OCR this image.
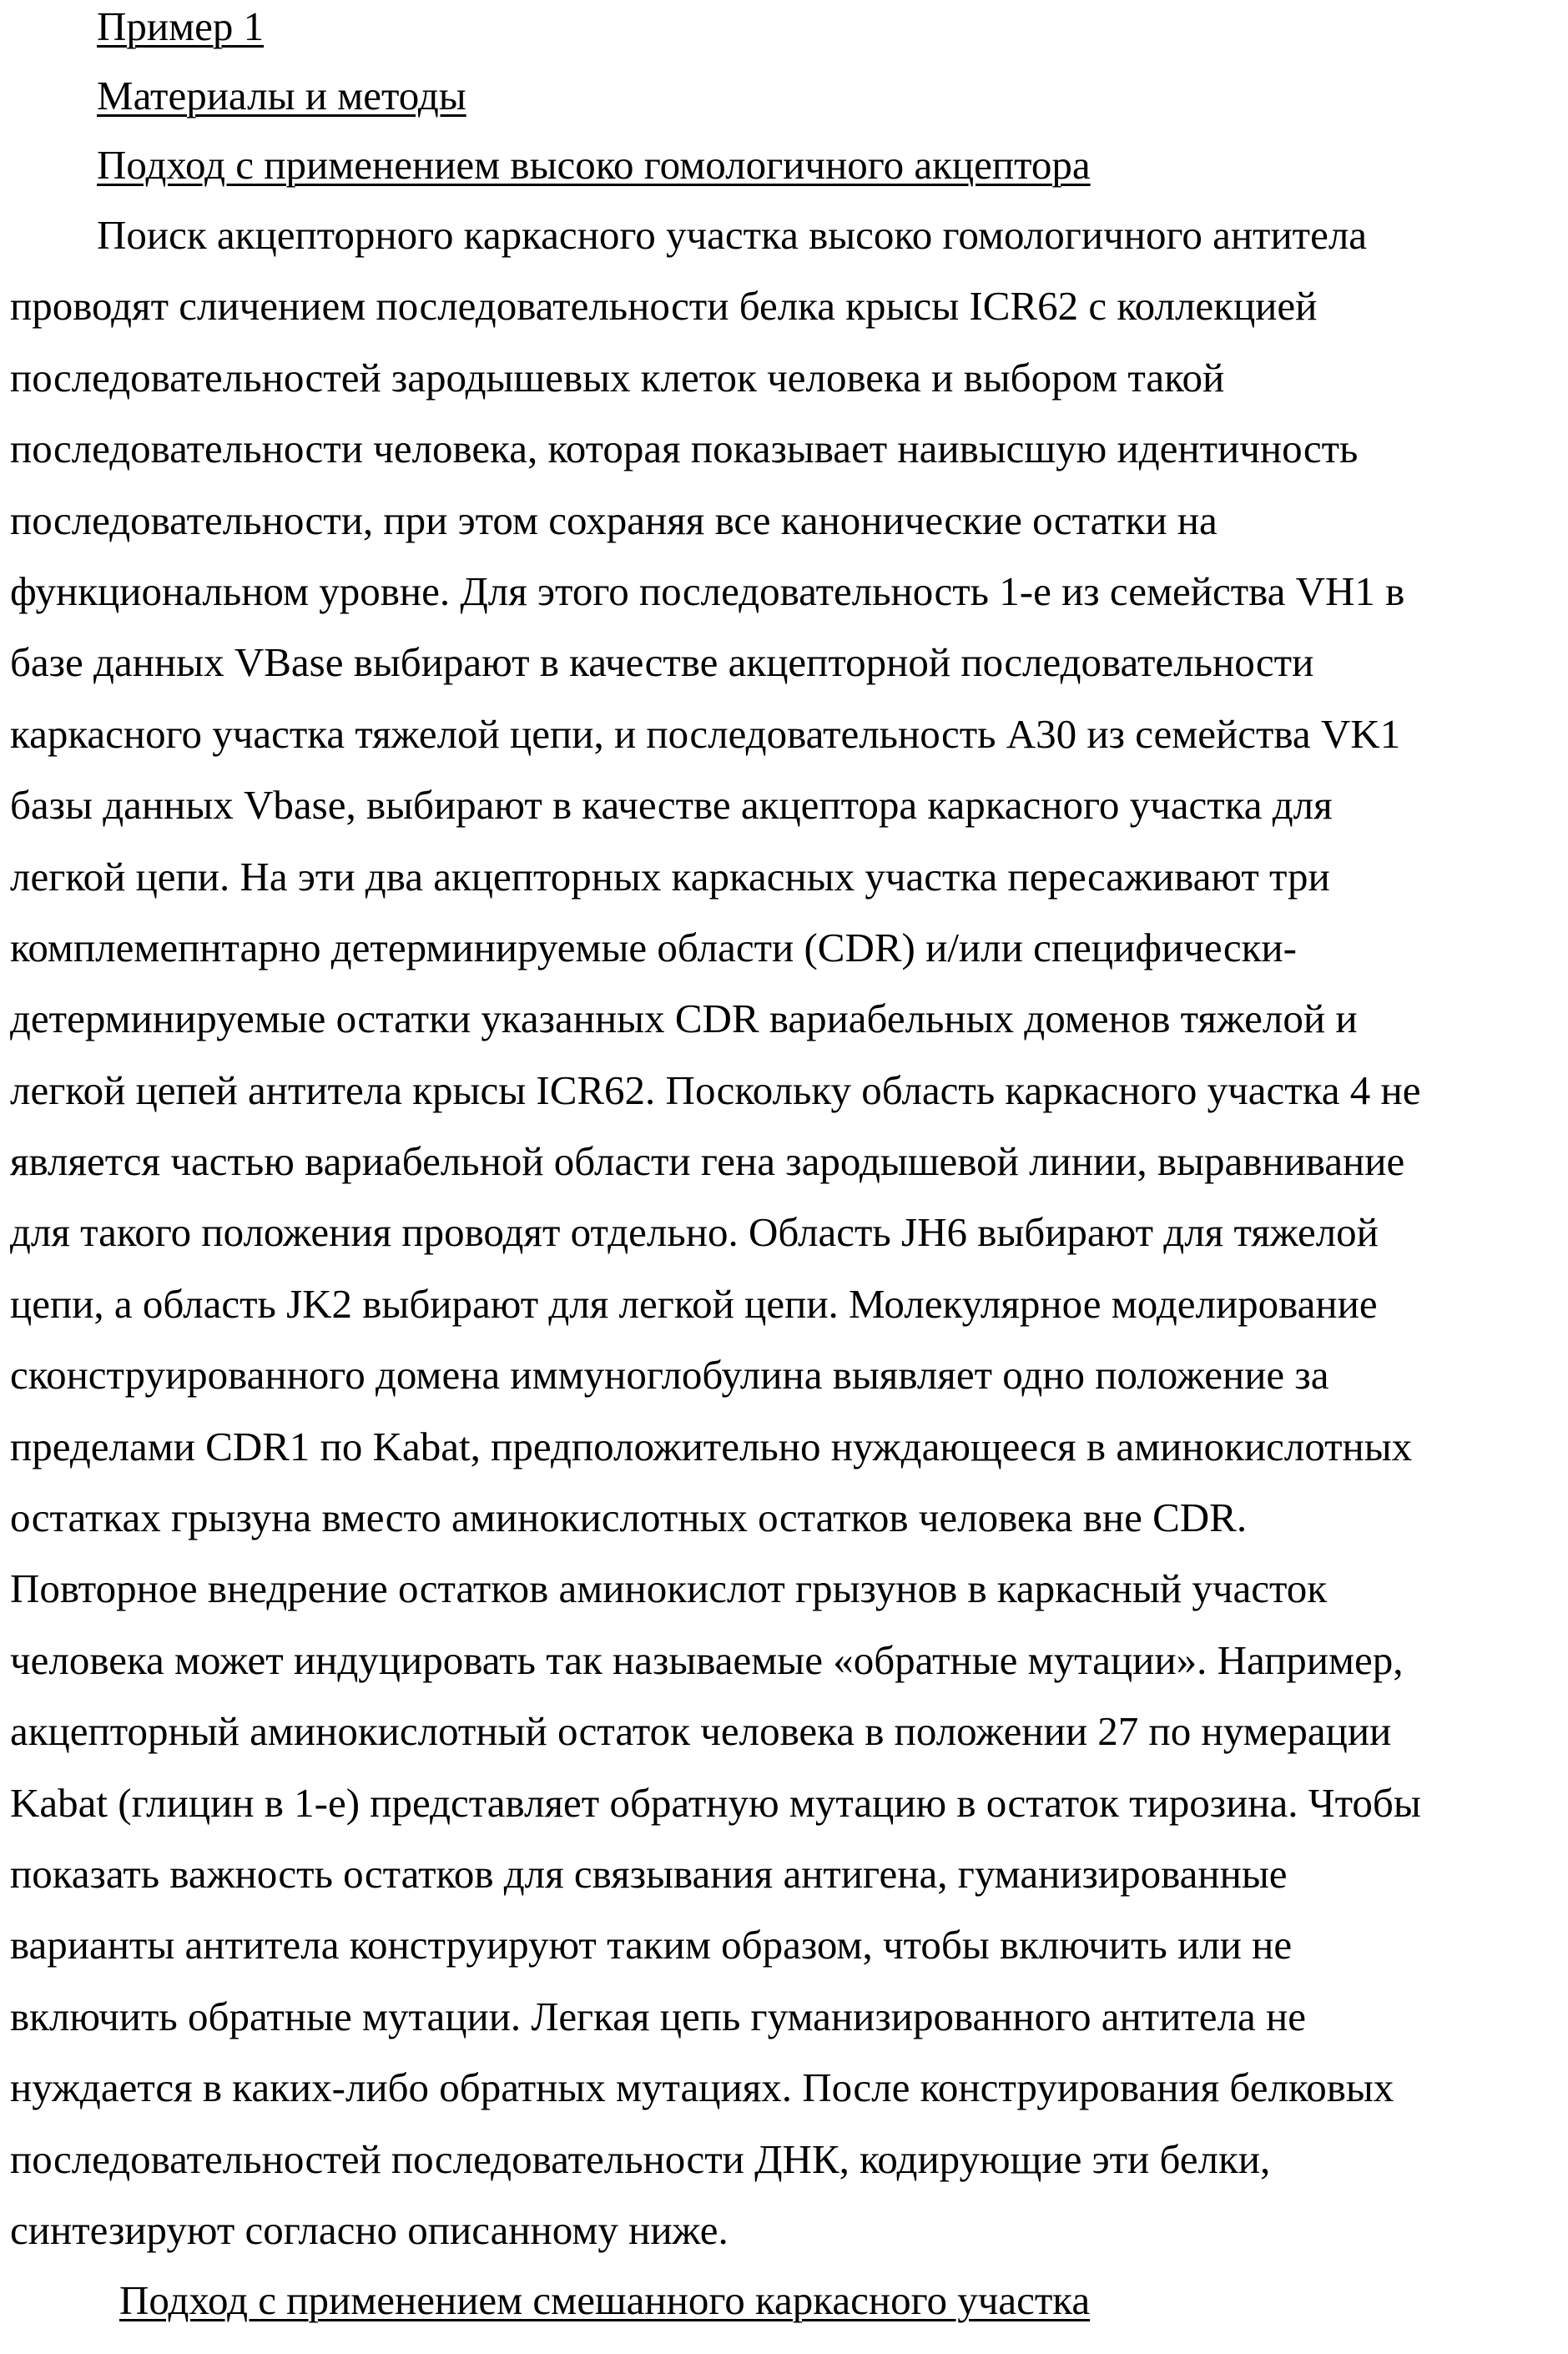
Пример 1
Материалы и методы
Подход с применением высоко гомологичного акцептора
Поиск акцепторного каркасного участка высоко гомологичного антитела
проводят сличением последовательности белка крысы ICR62 с коллекцией
последовательностей зародышевых клеток человека и выбором такой
последовательности человека, которая показывает наивысшую идентичность
последовательности, при этом сохраняя все канонические остатки на
функциональном уровне. Для этого последовательность 1-е из семейства VH1 в
базе данных VBase выбирают в качестве акцепторной последовательности
каркасного участка тяжелой цепи, и последовательность А30 из семейства VK1
базы данных Vbase, выбирают в качестве акцептора каркасного участка для
легкой цепи. На эти два акцепторных каркасных участка пересаживают три
комплемепнтарно детерминируемые области (CDR) и/или специфически-
детерминируемые остатки указанных CDR вариабельных доменов тяжелой и
легкой цепей антитела крысы ICR62. Поскольку область каркасного участка 4 не
является частью вариабельной области гена зародышевой линии, выравнивание
для такого положения проводят отдельно. Область JH6 выбирают для тяжелой
цепи, а область JK2 выбирают для легкой цепи. Молекулярное моделирование
сконструированного домена иммуноглобулина выявляет одно положение за
пределами CDR1 по Kabat, предположительно нуждающееся в аминокислотных
остатках грызуна вместо аминокислотных остатков человека вне CDR.
Повторное внедрение остатков аминокислот грызунов в каркасный участок
человека может индуцировать так называемые «обратные мутации». Например,
акцепторный аминокислотный остаток человека в положении 27 по нумерации
Kabat (глицин в 1-е) представляет обратную мутацию в остаток тирозина. Чтобы
показать важность остатков для связывания антигена, гуманизированные
варианты антитела конструируют таким образом, чтобы включить или не
включить обратные мутации. Легкая цепь гуманизированного антитела не
нуждается в каких-либо обратных мутациях. После конструирования белковых
последовательностей последовательности ДНК, кодирующие эти белки,
синтезируют согласно описанному ниже.
Подход с применением смешанного каркасного участка
